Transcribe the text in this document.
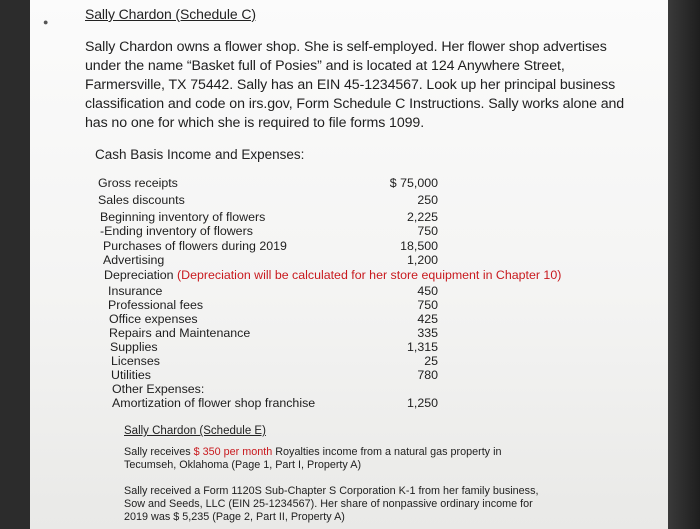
●	Sally Chardon (Schedule C)
Sally Chardon owns a flower shop. She is self-employed. Her flower shop advertises under the name “Basket full of Posies” and is located at 124 Anywhere Street, Farmersville, TX 75442. Sally has an EIN 45-1234567. Look up her principal business classification and code on irs.gov, Form Schedule C Instructions. Sally works alone and has no one for which she is required to file forms 1099.
Cash Basis Income and Expenses:
Gross receipts	$ 75,000
Sales discounts	250
Beginning inventory of flowers	2,225
-Ending inventory of flowers	750
Purchases of flowers during 2019	18,500
Advertising	1,200
Depreciation (Depreciation will be calculated for her store equipment in Chapter 10)
Insurance	450
Professional fees	750
Office expenses	425
Repairs and Maintenance	335
Supplies	1,315
Licenses	25
Utilities	780
Other Expenses:
Amortization of flower shop franchise	1,250
Sally Chardon (Schedule E)
Sally receives $ 350 per month Royalties income from a natural gas property in
Tecumseh, Oklahoma (Page 1, Part I, Property A)
Sally received a Form 1120S Sub-Chapter S Corporation K-1 from her family business,
Sow and Seeds, LLC (EIN 25-1234567). Her share of nonpassive ordinary income for
2019 was $ 5,235 (Page 2, Part II, Property A)
